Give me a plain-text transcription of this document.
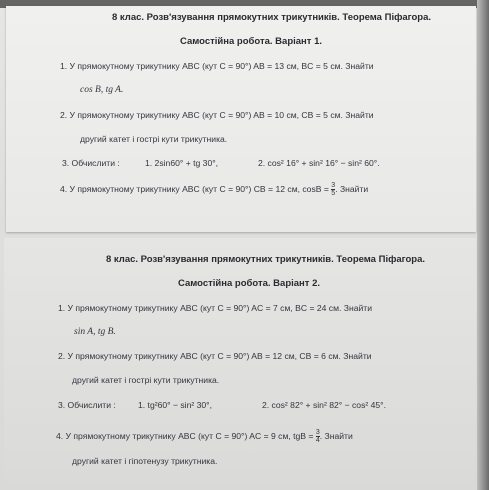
8 клас. Розв'язування прямокутних трикутників. Теорема Піфагора.
Самостійна робота. Варіант 1.
1. У прямокутному трикутнику ABC (кут C = 90°) AB = 13 см, BC = 5 см. Знайти
cos B, tg A.
2. У прямокутному трикутнику ABC (кут C = 90°) AB = 10 см, CB = 5 см. Знайти
другий катет і гострі кути трикутника.
3. Обчислити :	1. 2sin60° + tg 30°,	2. cos² 16° + sin² 16° − sin² 60°.
4. У прямокутному трикутнику ABC (кут C = 90°) CB = 12 см, $\cos B = \frac{3}{5}$ . Знайти
8 клас. Розв'язування прямокутних трикутників. Теорема Піфагора.
Самостійна робота. Варіант 2.
1. У прямокутному трикутнику ABC (кут C = 90°) AC = 7 см, BC = 24 см. Знайти
sin A, tg B.
2. У прямокутному трикутнику ABC (кут C = 90°) AB = 12 см, CB = 6 см. Знайти
другий катет і гострі кути трикутника.
3. Обчислити :	1. tg²60° − sin² 30°,	2. cos² 82° + sin² 82° − cos² 45°.
4. У прямокутному трикутнику ABC (кут C = 90°) AC = 9 см, tgB = $\frac{3}{4}$ . Знайти
другий катет і гіпотенузу трикутника.
